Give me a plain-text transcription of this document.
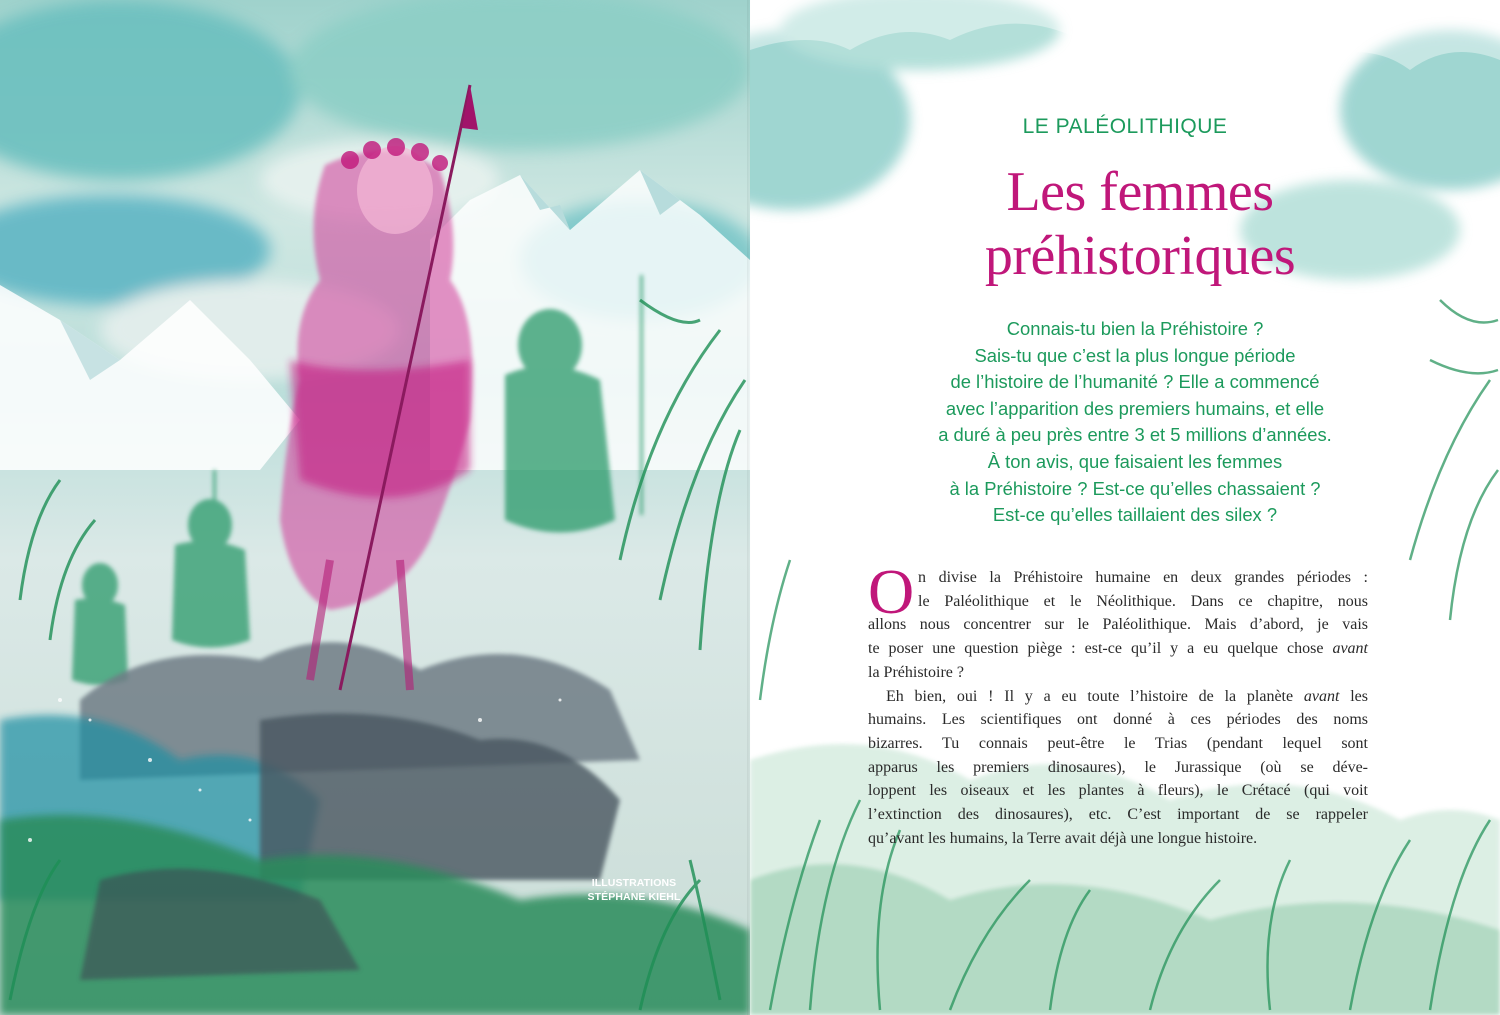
ILLUSTRATIONS
STÉPHANE KIEHL
LE PALÉOLITHIQUE
Les femmes
préhistoriques
Connais-tu bien la Préhistoire ?
Sais-tu que c’est la plus longue période
de l’histoire de l’humanité ? Elle a commencé
avec l’apparition des premiers humains, et elle
a duré à peu près entre 3 et 5 millions d’années.
À ton avis, que faisaient les femmes
à la Préhistoire ? Est-ce qu’elles chassaient ?
Est-ce qu’elles taillaient des silex ?
O n divise la Préhistoire humaine en deux grandes périodes :
le Paléolithique et le Néolithique. Dans ce chapitre, nous
allons nous concentrer sur le Paléolithique. Mais d’abord, je vais
te poser une question piège : est-ce qu’il y a eu quelque chose avant
la Préhistoire ?
Eh bien, oui ! Il y a eu toute l’histoire de la planète avant les
humains. Les scientifiques ont donné à ces périodes des noms
bizarres. Tu connais peut-être le Trias (pendant lequel sont
apparus les premiers dinosaures), le Jurassique (où se déve-
loppent les oiseaux et les plantes à fleurs), le Crétacé (qui voit
l’extinction des dinosaures), etc. C’est important de se rappeler
qu’avant les humains, la Terre avait déjà une longue histoire.
